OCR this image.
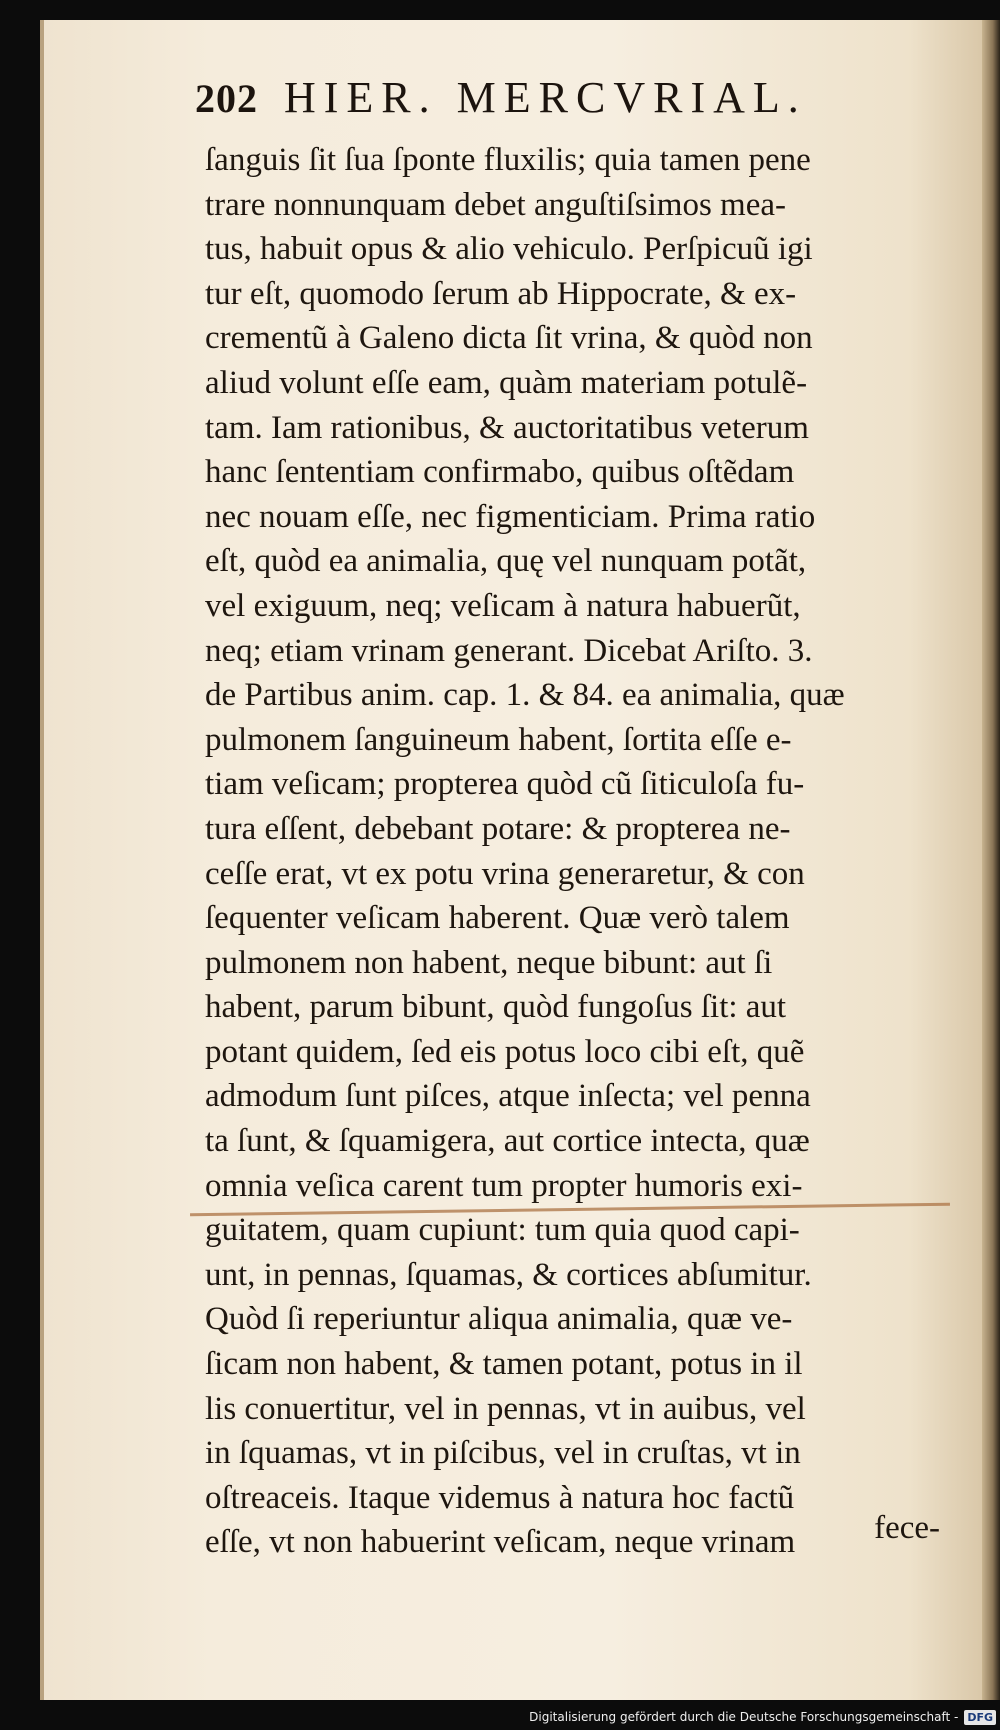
202 HIER. MERCVRIAL.
ſanguis ſit ſua ſponte fluxilis; quia tamen pene
trare nonnunquam debet anguſtiſsimos mea-
tus, habuit opus & alio vehiculo. Perſpicuũ igi
tur eſt, quomodo ſerum ab Hippocrate, & ex-
crementũ à Galeno dicta ſit vrina, & quòd non
aliud volunt eſſe eam, quàm materiam potulẽ-
tam. Iam rationibus, & auctoritatibus veterum
hanc ſententiam confirmabo, quibus oſtẽdam
nec nouam eſſe, nec figmenticiam. Prima ratio
eſt, quòd ea animalia, quę vel nunquam potãt,
vel exiguum, neq; veſicam à natura habuerũt,
neq; etiam vrinam generant. Dicebat Ariſto. 3.
de Partibus anim. cap. 1. & 84. ea animalia, quæ
pulmonem ſanguineum habent, ſortita eſſe e-
tiam veſicam; propterea quòd cũ ſiticuloſa fu-
tura eſſent, debebant potare: & propterea ne-
ceſſe erat, vt ex potu vrina generaretur, & con
ſequenter veſicam haberent. Quæ verò talem
pulmonem non habent, neque bibunt: aut ſi
habent, parum bibunt, quòd fungoſus ſit: aut
potant quidem, ſed eis potus loco cibi eſt, quẽ
admodum ſunt piſces, atque inſecta; vel penna
ta ſunt, & ſquamigera, aut cortice intecta, quæ
omnia veſica carent tum propter humoris exi-
guitatem, quam cupiunt: tum quia quod capi-
unt, in pennas, ſquamas, & cortices abſumitur.
Quòd ſi reperiuntur aliqua animalia, quæ ve-
ſicam non habent, & tamen potant, potus in il
lis conuertitur, vel in pennas, vt in auibus, vel
in ſquamas, vt in piſcibus, vel in cruſtas, vt in
oſtreaceis. Itaque videmus à natura hoc factũ
eſſe, vt non habuerint veſicam, neque vrinam	fece-
Digitalisierung gefördert durch die Deutsche Forschungsgemeinschaft - DFG
